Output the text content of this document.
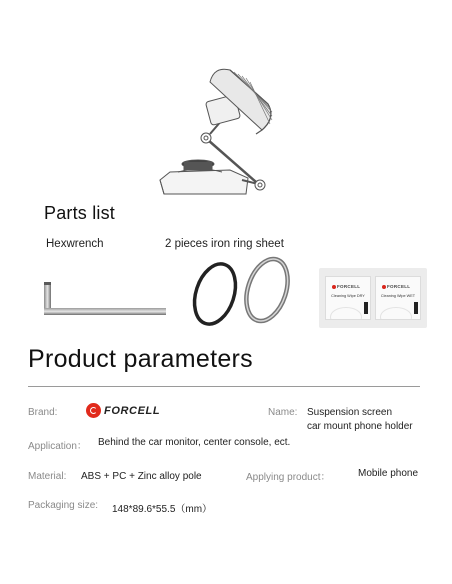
Parts list
Hexwrench	2 pieces iron ring sheet
FORCELL
Cleaning Wipe DRY
FORCELL
Cleaning Wipe WET
Product parameters
Brand:	FORCELL	Name: Suspension screen
car mount phone holder
Application： Behind the car monitor, center console, ect.
Material: ABS + PC + Zinc alloy pole	Applying product：	Mobile phone
Packaging size: 148*89.6*55.5（mm）
